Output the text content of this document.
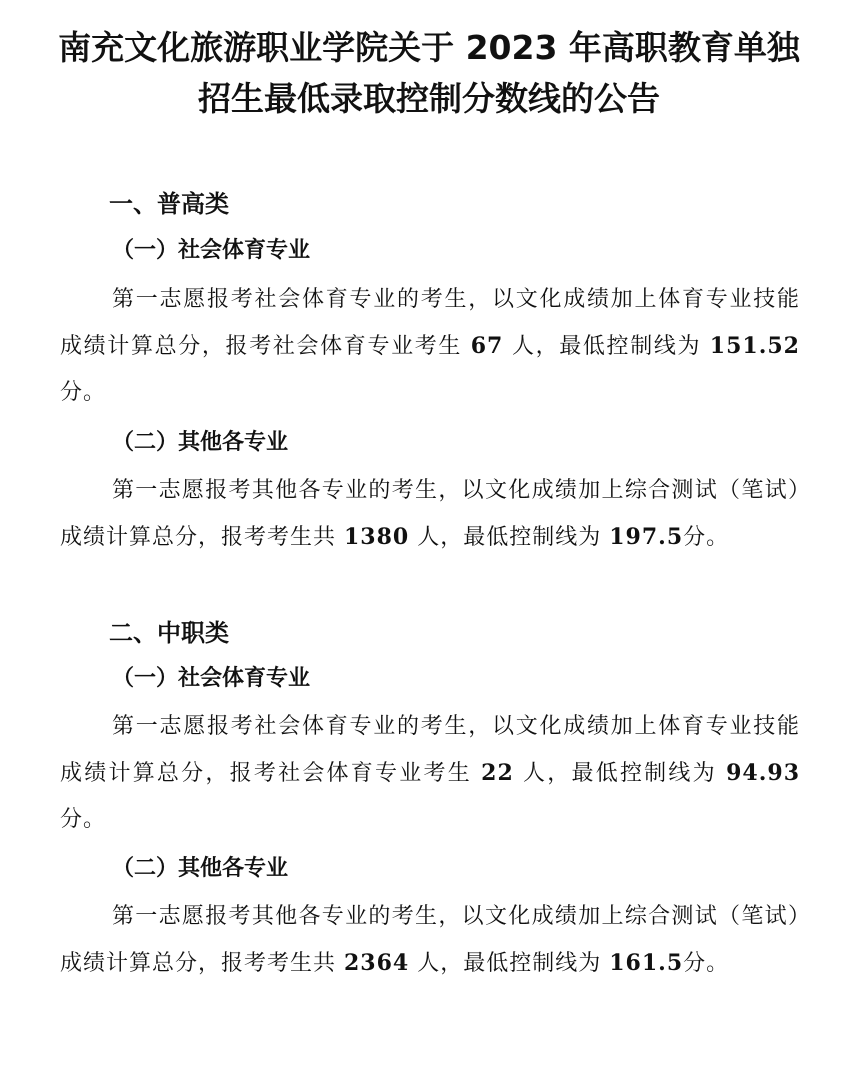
南充文化旅游职业学院关于 2023 年高职教育单独
招生最低录取控制分数线的公告
一、普高类
（一）社会体育专业
第一志愿报考社会体育专业的考生，以文化成绩加上体育专业技能成绩计算总分，报考社会体育专业考生 67 人，最低控制线为 151.52 分。
（二）其他各专业
第一志愿报考其他各专业的考生，以文化成绩加上综合测试（笔试）成绩计算总分，报考考生共 1380 人，最低控制线为 197.5分。
二、中职类
（一）社会体育专业
第一志愿报考社会体育专业的考生，以文化成绩加上体育专业技能成绩计算总分，报考社会体育专业考生 22 人，最低控制线为 94.93 分。
（二）其他各专业
第一志愿报考其他各专业的考生，以文化成绩加上综合测试（笔试）成绩计算总分，报考考生共 2364 人，最低控制线为 161.5分。
